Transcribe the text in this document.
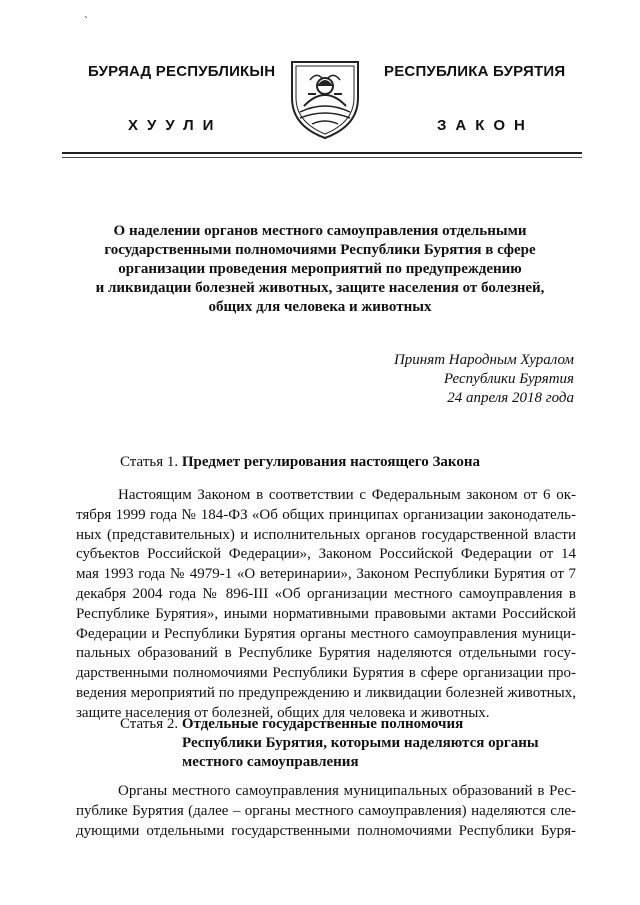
`
БУРЯАД РЕСПУБЛИКЫН	РЕСПУБЛИКА БУРЯТИЯ
ХУУЛИ	ЗАКОН
О наделении органов местного самоуправления отдельными
государственными полномочиями Республики Бурятия в сфере
организации проведения мероприятий по предупреждению
и ликвидации болезней животных, защите населения от болезней,
общих для человека и животных
Принят Народным Хуралом
Республики Бурятия
24 апреля 2018 года
Статья 1. Предмет регулирования настоящего Закона
Настоящим Законом в соответствии с Федеральным законом от 6 ок-
тября 1999 года № 184-ФЗ «Об общих принципах организации законодатель-
ных (представительных) и исполнительных органов государственной власти
субъектов Российской Федерации», Законом Российской Федерации от 14
мая 1993 года № 4979-1 «О ветеринарии», Законом Республики Бурятия от 7
декабря 2004 года № 896-III «Об организации местного самоуправления в
Республике Бурятия», иными нормативными правовыми актами Российской
Федерации и Республики Бурятия органы местного самоуправления муници-
пальных образований в Республике Бурятия наделяются отдельными госу-
дарственными полномочиями Республики Бурятия в сфере организации про-
ведения мероприятий по предупреждению и ликвидации болезней животных,
защите населения от болезней, общих для человека и животных.
Статья 2. Отдельные государственные полномочия
Республики Бурятия, которыми наделяются органы
местного самоуправления
Органы местного самоуправления муниципальных образований в Рес-
публике Бурятия (далее – органы местного самоуправления) наделяются сле-
дующими отдельными государственными полномочиями Республики Буря-
